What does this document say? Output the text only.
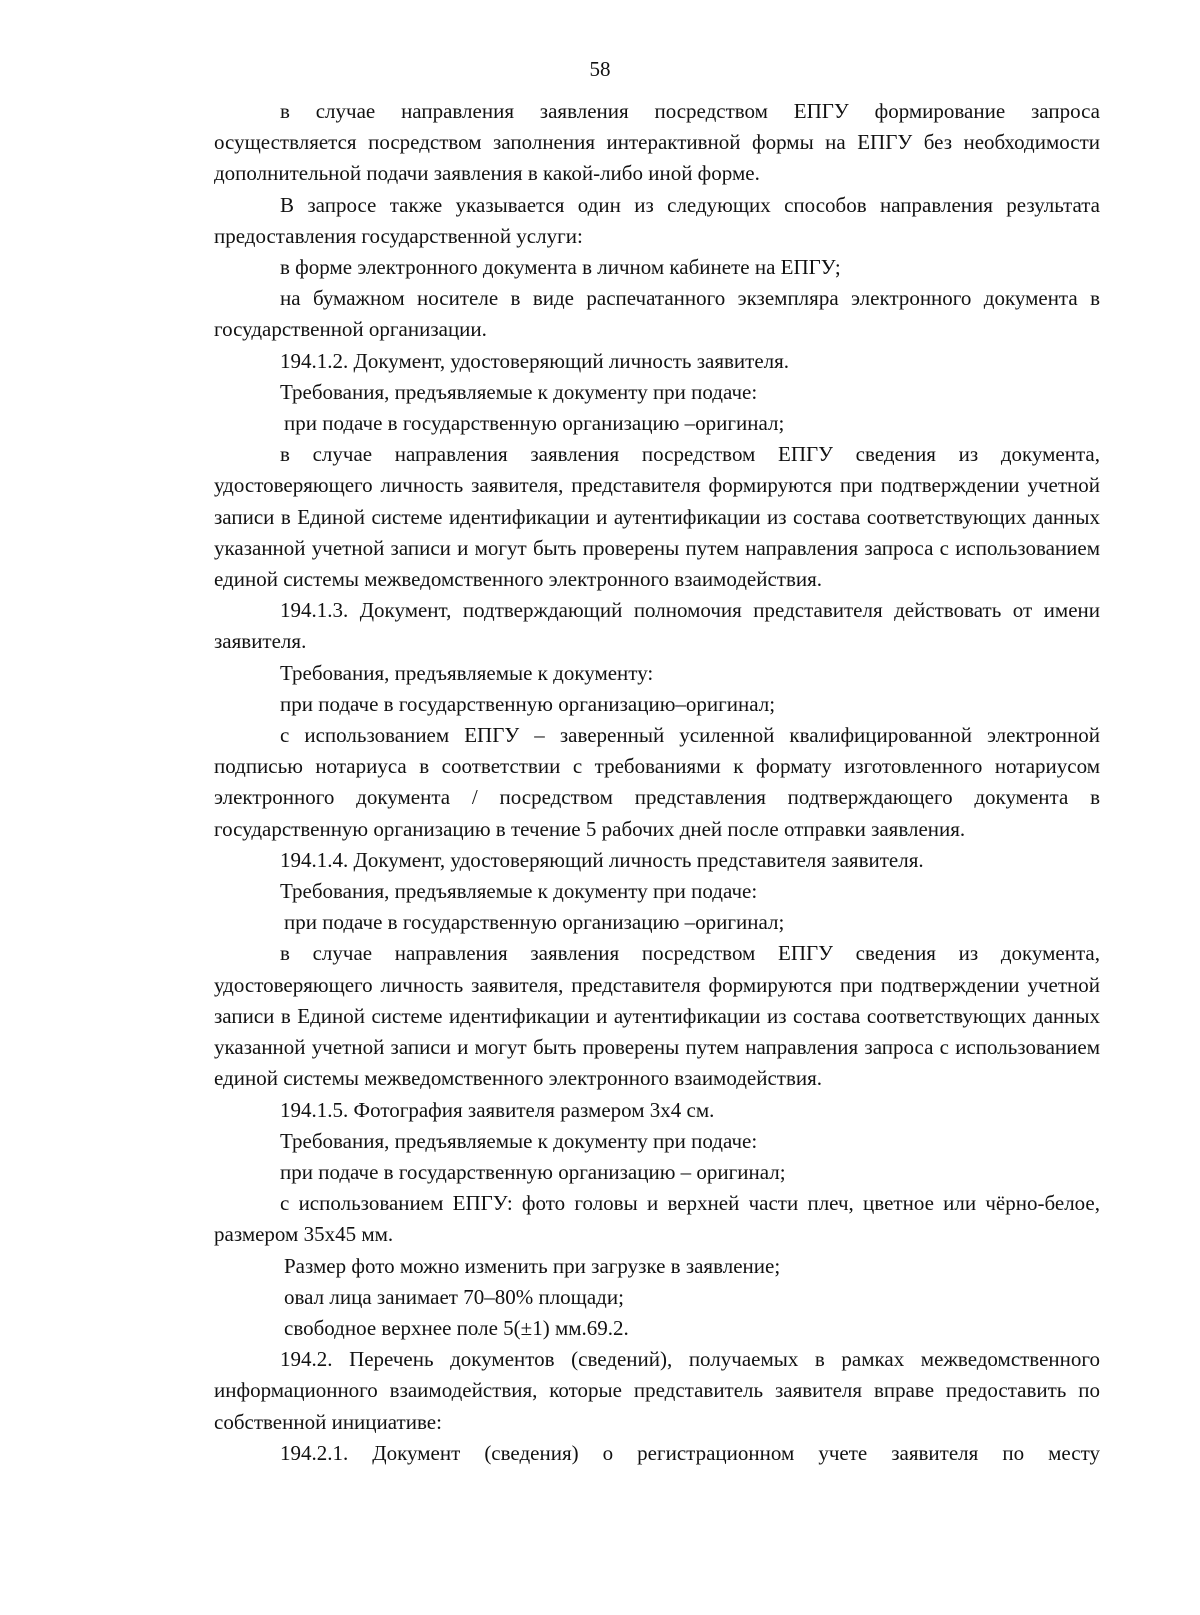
58

в случае направления заявления посредством ЕПГУ формирование запроса осуществляется посредством заполнения интерактивной формы на ЕПГУ без необходимости дополнительной подачи заявления в какой-либо иной форме.

В запросе также указывается один из следующих способов направления результата предоставления государственной услуги:

в форме электронного документа в личном кабинете на ЕПГУ;

на бумажном носителе в виде распечатанного экземпляра электронного документа в государственной организации.

194.1.2. Документ, удостоверяющий личность заявителя.

Требования, предъявляемые к документу при подаче:

при подаче в государственную организацию –оригинал;

в случае направления заявления посредством ЕПГУ сведения из документа, удостоверяющего личность заявителя, представителя формируются при подтверждении учетной записи в Единой системе идентификации и аутентификации из состава соответствующих данных указанной учетной записи и могут быть проверены путем направления запроса с использованием единой системы межведомственного электронного взаимодействия.

194.1.3. Документ, подтверждающий полномочия представителя действовать от имени заявителя.

Требования, предъявляемые к документу:

при подаче в государственную организацию–оригинал;

с использованием ЕПГУ – заверенный усиленной квалифицированной электронной подписью нотариуса в соответствии с требованиями к формату изготовленного нотариусом электронного документа / посредством представления подтверждающего документа в государственную организацию в течение 5 рабочих дней после отправки заявления.

194.1.4. Документ, удостоверяющий личность представителя заявителя.

Требования, предъявляемые к документу при подаче:

при подаче в государственную организацию –оригинал;

в случае направления заявления посредством ЕПГУ сведения из документа, удостоверяющего личность заявителя, представителя формируются при подтверждении учетной записи в Единой системе идентификации и аутентификации из состава соответствующих данных указанной учетной записи и могут быть проверены путем направления запроса с использованием единой системы межведомственного электронного взаимодействия.

194.1.5. Фотография заявителя размером 3х4 см.

Требования, предъявляемые к документу при подаче:

при подаче в государственную организацию – оригинал;

с использованием ЕПГУ: фото головы и верхней части плеч, цветное или чёрно-белое, размером 35х45 мм.

Размер фото можно изменить при загрузке в заявление;

овал лица занимает 70–80% площади;

свободное верхнее поле 5(±1) мм.69.2.

194.2. Перечень документов (сведений), получаемых в рамках межведомственного информационного взаимодействия, которые представитель заявителя вправе предоставить по собственной инициативе:

194.2.1. Документ (сведения) о регистрационном учете заявителя по месту
